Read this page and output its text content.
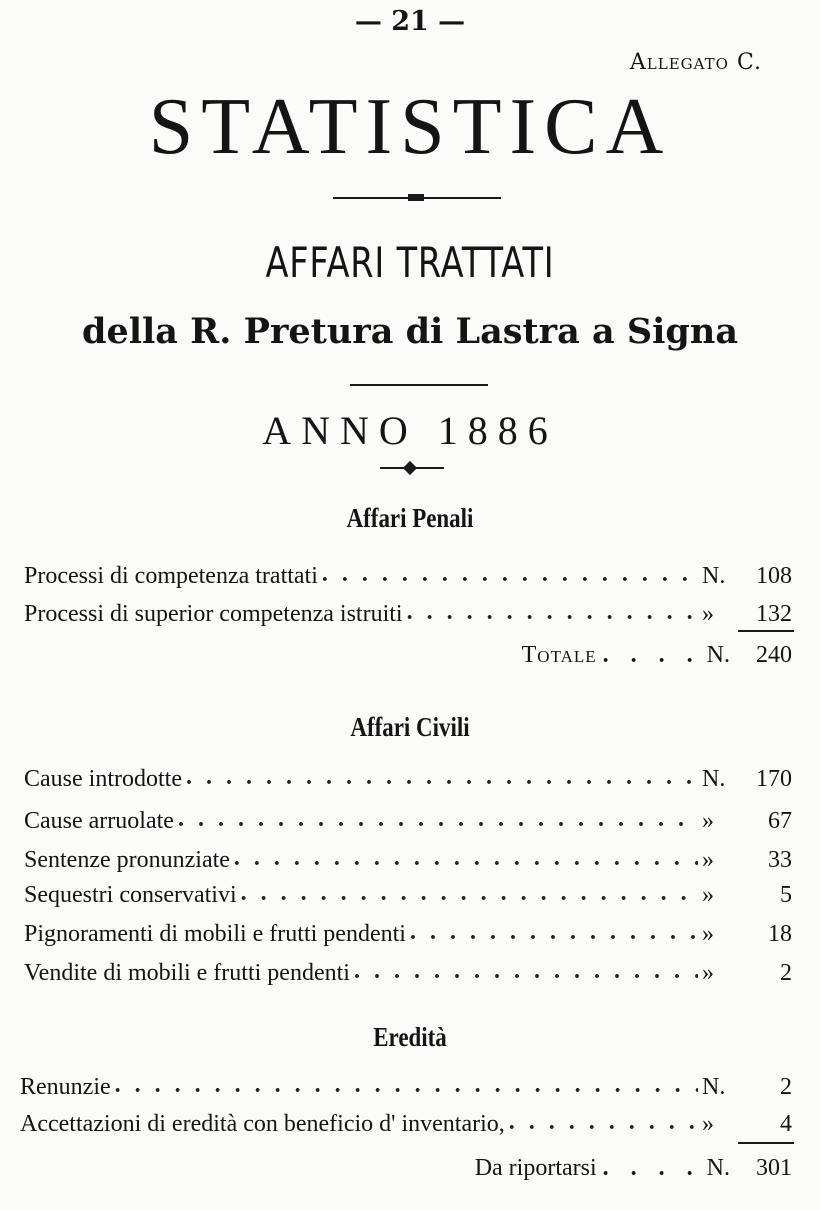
— 21 —
Allegato C.
STATISTICA
AFFARI TRATTATI
della R. Pretura di Lastra a Signa
ANNO 1886
Affari Penali
Processi di competenza trattati . . .	N.	108
Processi di superior competenza istruiti . . .	»	132
Totale . . . . N.	240
Affari Civili
Cause introdotte . . .	N.	170
Cause arruolate . . .	»	67
Sentenze pronunziate . . .	»	33
Sequestri conservativi . . .	»	5
Pignoramenti di mobili e frutti pendenti . . .	»	18
Vendite di mobili e frutti pendenti . . .	»	2
Eredità
Renunzie . . .	N.	2
Accettazioni di eredità con beneficio d' inventario, . . .	»	4
Da riportarsi . . . . N.	301
